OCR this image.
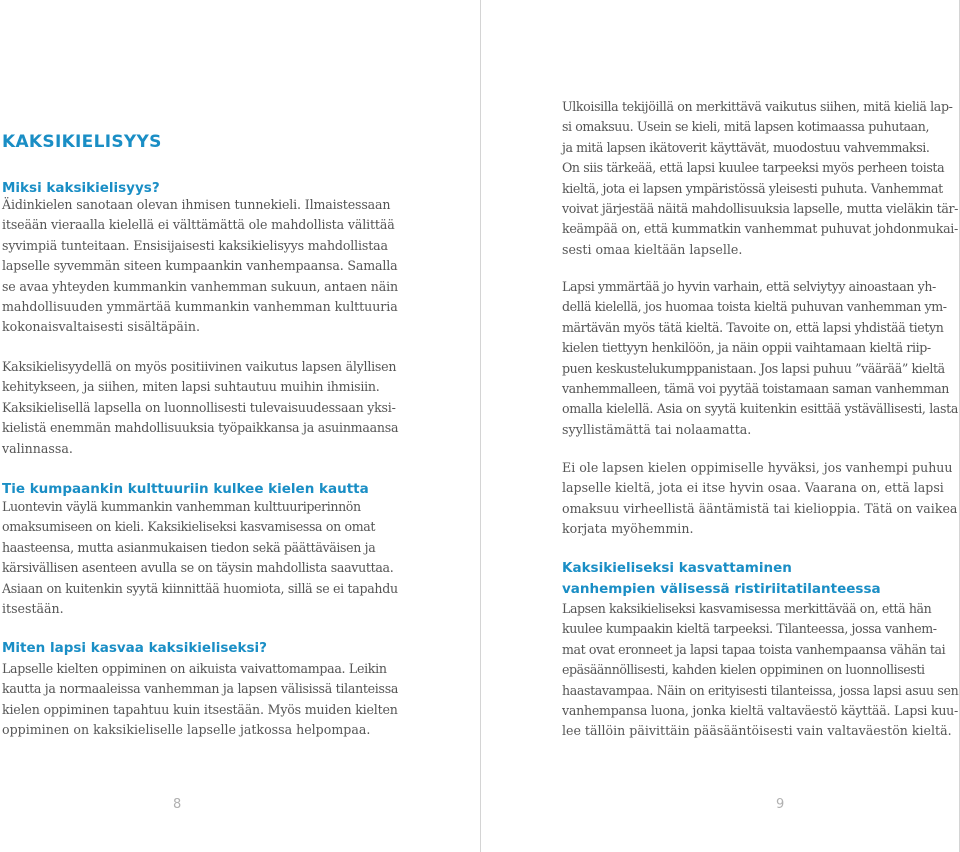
KAKSIKIELISYYS
Miksi kaksikielisyys?

Äidinkielen sanotaan olevan ihmisen tunnekieli. Ilmaistessaan

itseään vieraalla kielellä ei välttämättä ole mahdollista välittää

syvimpiä tunteitaan. Ensisijaisesti kaksikielisyys mahdollistaa

lapselle syvemmän siteen kumpaankin vanhempaansa. Samalla

se avaa yhteyden kummankin vanhemman sukuun, antaen näin

mahdollisuuden ymmärtää kummankin vanhemman kulttuuria

kokonaisvaltaisesti sisältäpäin.

Kaksikielisyydellä on myös positiivinen vaikutus lapsen älyllisen

kehitykseen, ja siihen, miten lapsi suhtautuu muihin ihmisiin.

Kaksikielisellä lapsella on luonnollisesti tulevaisuudessaan yksi-

kielistä enemmän mahdollisuuksia työpaikkansa ja asuinmaansa

valinnassa.

Tie kumpaankin kulttuuriin kulkee kielen kautta

Luontevin väylä kummankin vanhemman kulttuuriperinnön

omaksumiseen on kieli. Kaksikieliseksi kasvamisessa on omat

haasteensa, mutta asianmukaisen tiedon sekä päättäväisen ja

kärsivällisen asenteen avulla se on täysin mahdollista saavuttaa.

Asiaan on kuitenkin syytä kiinnittää huomiota, sillä se ei tapahdu

itsestään.

Miten lapsi kasvaa kaksikieliseksi?

Lapselle kielten oppiminen on aikuista vaivattomampaa. Leikin

kautta ja normaaleissa vanhemman ja lapsen välisissä tilanteissa

kielen oppiminen tapahtuu kuin itsestään. Myös muiden kielten

oppiminen on kaksikieliselle lapselle jatkossa helpompaa.

8

Ulkoisilla tekijöillä on merkittävä vaikutus siihen, mitä kieliä lap-

si omaksuu. Usein se kieli, mitä lapsen kotimaassa puhutaan,

ja mitä lapsen ikätoverit käyttävät, muodostuu vahvemmaksi.

On siis tärkeää, että lapsi kuulee tarpeeksi myös perheen toista

kieltä, jota ei lapsen ympäristössä yleisesti puhuta. Vanhemmat

voivat järjestää näitä mahdollisuuksia lapselle, mutta vieläkin tär-

keämpää on, että kummatkin vanhemmat puhuvat johdonmukai-

sesti omaa kieltään lapselle.

Lapsi ymmärtää jo hyvin varhain, että selviytyy ainoastaan yh-

dellä kielellä, jos huomaa toista kieltä puhuvan vanhemman ym-

märtävän myös tätä kieltä. Tavoite on, että lapsi yhdistää tietyn

kielen tiettyyn henkilöön, ja näin oppii vaihtamaan kieltä riip-

puen keskustelukumppanistaan. Jos lapsi puhuu ”väärää” kieltä

vanhemmalleen, tämä voi pyytää toistamaan saman vanhemman

omalla kielellä. Asia on syytä kuitenkin esittää ystävällisesti, lasta

syyllistämättä tai nolaamatta.

Ei ole lapsen kielen oppimiselle hyväksi, jos vanhempi puhuu

lapselle kieltä, jota ei itse hyvin osaa. Vaarana on, että lapsi

omaksuu virheellistä ääntämistä tai kielioppia. Tätä on vaikea

korjata myöhemmin.

Kaksikieliseksi kasvattaminen
vanhempien välisessä ristiriitatilanteessa

Lapsen kaksikieliseksi kasvamisessa merkittävää on, että hän

kuulee kumpaakin kieltä tarpeeksi. Tilanteessa, jossa vanhem-

mat ovat eronneet ja lapsi tapaa toista vanhempaansa vähän tai

epäsäännöllisesti, kahden kielen oppiminen on luonnollisesti

haastavampaa. Näin on erityisesti tilanteissa, jossa lapsi asuu sen

vanhempansa luona, jonka kieltä valtaväestö käyttää. Lapsi kuu-

lee tällöin päivittäin pääsääntöisesti vain valtaväestön kieltä.

9
